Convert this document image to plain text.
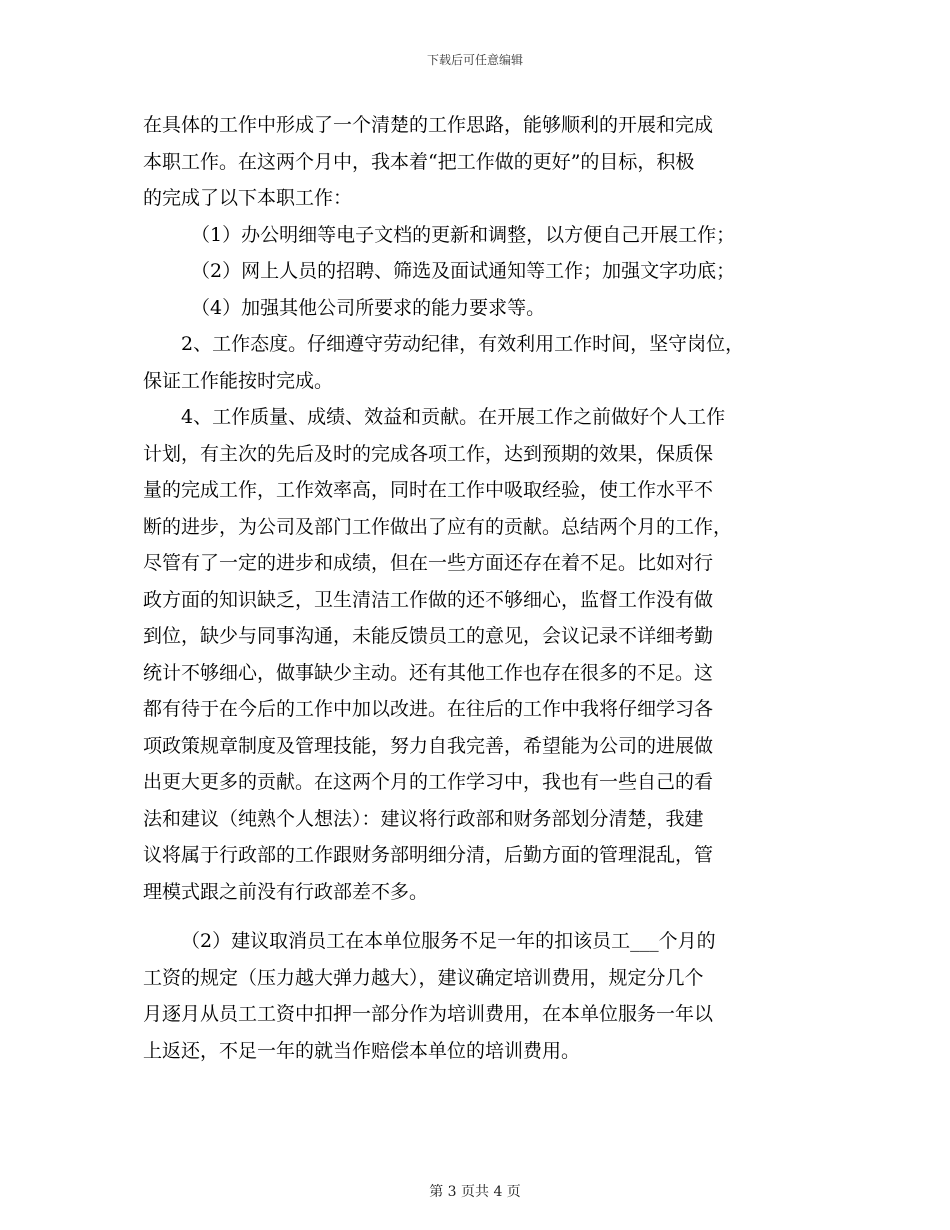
下载后可任意编辑
在具体的工作中形成了一个清楚的工作思路，能够顺利的开展和完成
本职工作。在这两个月中，我本着“把工作做的更好”的目标，积极
的完成了以下本职工作：
（1）办公明细等电子文档的更新和调整，以方便自己开展工作；
（2）网上人员的招聘、筛选及面试通知等工作；加强文字功底；
（4）加强其他公司所要求的能力要求等。
2、工作态度。仔细遵守劳动纪律，有效利用工作时间，坚守岗位，
保证工作能按时完成。
4、工作质量、成绩、效益和贡献。在开展工作之前做好个人工作
计划，有主次的先后及时的完成各项工作，达到预期的效果，保质保
量的完成工作，工作效率高，同时在工作中吸取经验，使工作水平不
断的进步，为公司及部门工作做出了应有的贡献。总结两个月的工作，
尽管有了一定的进步和成绩，但在一些方面还存在着不足。比如对行
政方面的知识缺乏，卫生清洁工作做的还不够细心，监督工作没有做
到位，缺少与同事沟通，未能反馈员工的意见，会议记录不详细考勤
统计不够细心，做事缺少主动。还有其他工作也存在很多的不足。这
都有待于在今后的工作中加以改进。在往后的工作中我将仔细学习各
项政策规章制度及管理技能，努力自我完善，希望能为公司的进展做
出更大更多的贡献。在这两个月的工作学习中，我也有一些自己的看
法和建议（纯熟个人想法）：建议将行政部和财务部划分清楚，我建
议将属于行政部的工作跟财务部明细分清，后勤方面的管理混乱，管
理模式跟之前没有行政部差不多。
（2）建议取消员工在本单位服务不足一年的扣该员工___个月的
工资的规定（压力越大弹力越大），建议确定培训费用，规定分几个
月逐月从员工工资中扣押一部分作为培训费用，在本单位服务一年以
上返还，不足一年的就当作赔偿本单位的培训费用。
第 3 页共 4 页
